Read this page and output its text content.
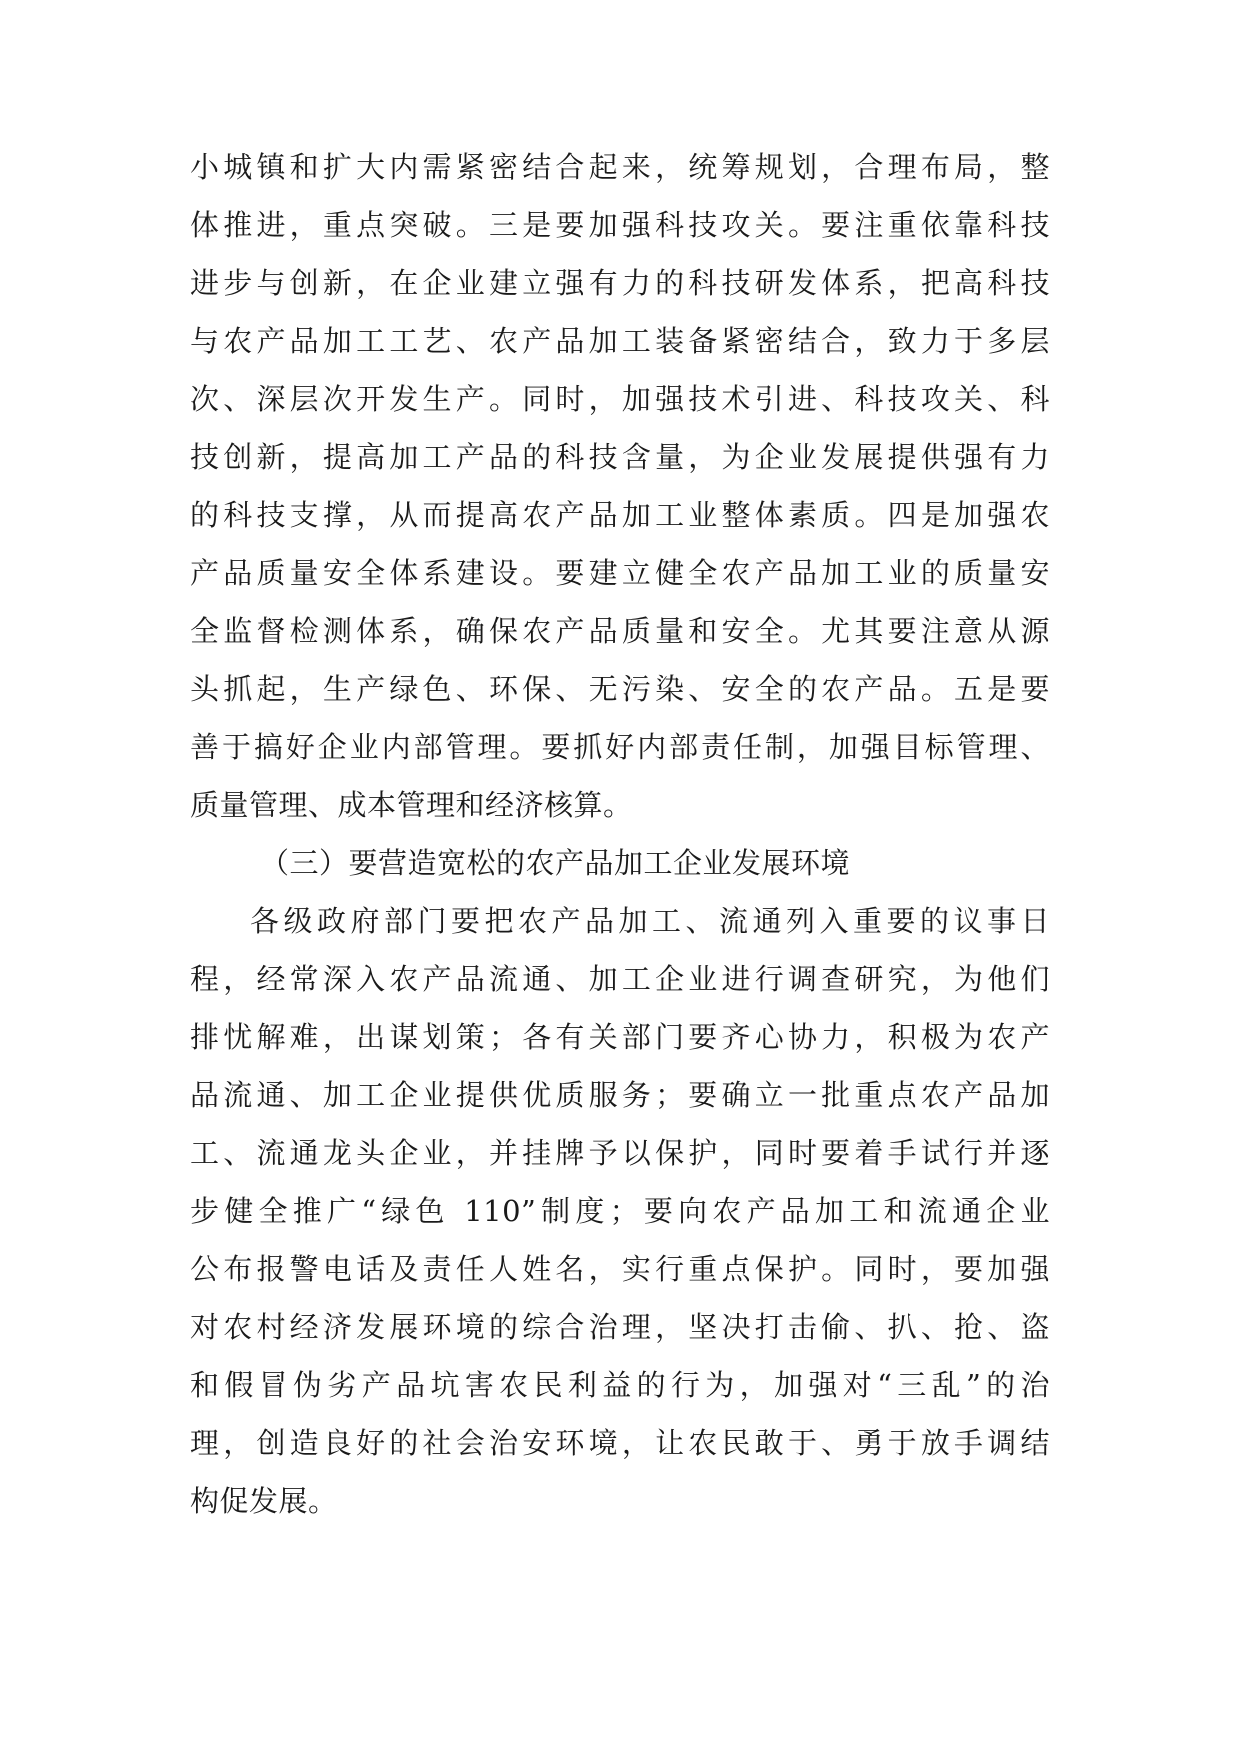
小城镇和扩大内需紧密结合起来，统筹规划，合理布局，整
体推进，重点突破。三是要加强科技攻关。要注重依靠科技
进步与创新，在企业建立强有力的科技研发体系，把高科技
与农产品加工工艺、农产品加工装备紧密结合，致力于多层
次、深层次开发生产。同时，加强技术引进、科技攻关、科
技创新，提高加工产品的科技含量，为企业发展提供强有力
的科技支撑，从而提高农产品加工业整体素质。四是加强农
产品质量安全体系建设。要建立健全农产品加工业的质量安
全监督检测体系，确保农产品质量和安全。尤其要注意从源
头抓起，生产绿色、环保、无污染、安全的农产品。五是要
善于搞好企业内部管理。要抓好内部责任制，加强目标管理、
质量管理、成本管理和经济核算。
（三）要营造宽松的农产品加工企业发展环境
各级政府部门要把农产品加工、流通列入重要的议事日
程，经常深入农产品流通、加工企业进行调查研究，为他们
排忧解难，出谋划策；各有关部门要齐心协力，积极为农产
品流通、加工企业提供优质服务；要确立一批重点农产品加
工、流通龙头企业，并挂牌予以保护，同时要着手试行并逐
步健全推广“绿色 110”制度；要向农产品加工和流通企业
公布报警电话及责任人姓名，实行重点保护。同时，要加强
对农村经济发展环境的综合治理，坚决打击偷、扒、抢、盗
和假冒伪劣产品坑害农民利益的行为，加强对“三乱”的治
理，创造良好的社会治安环境，让农民敢于、勇于放手调结
构促发展。
